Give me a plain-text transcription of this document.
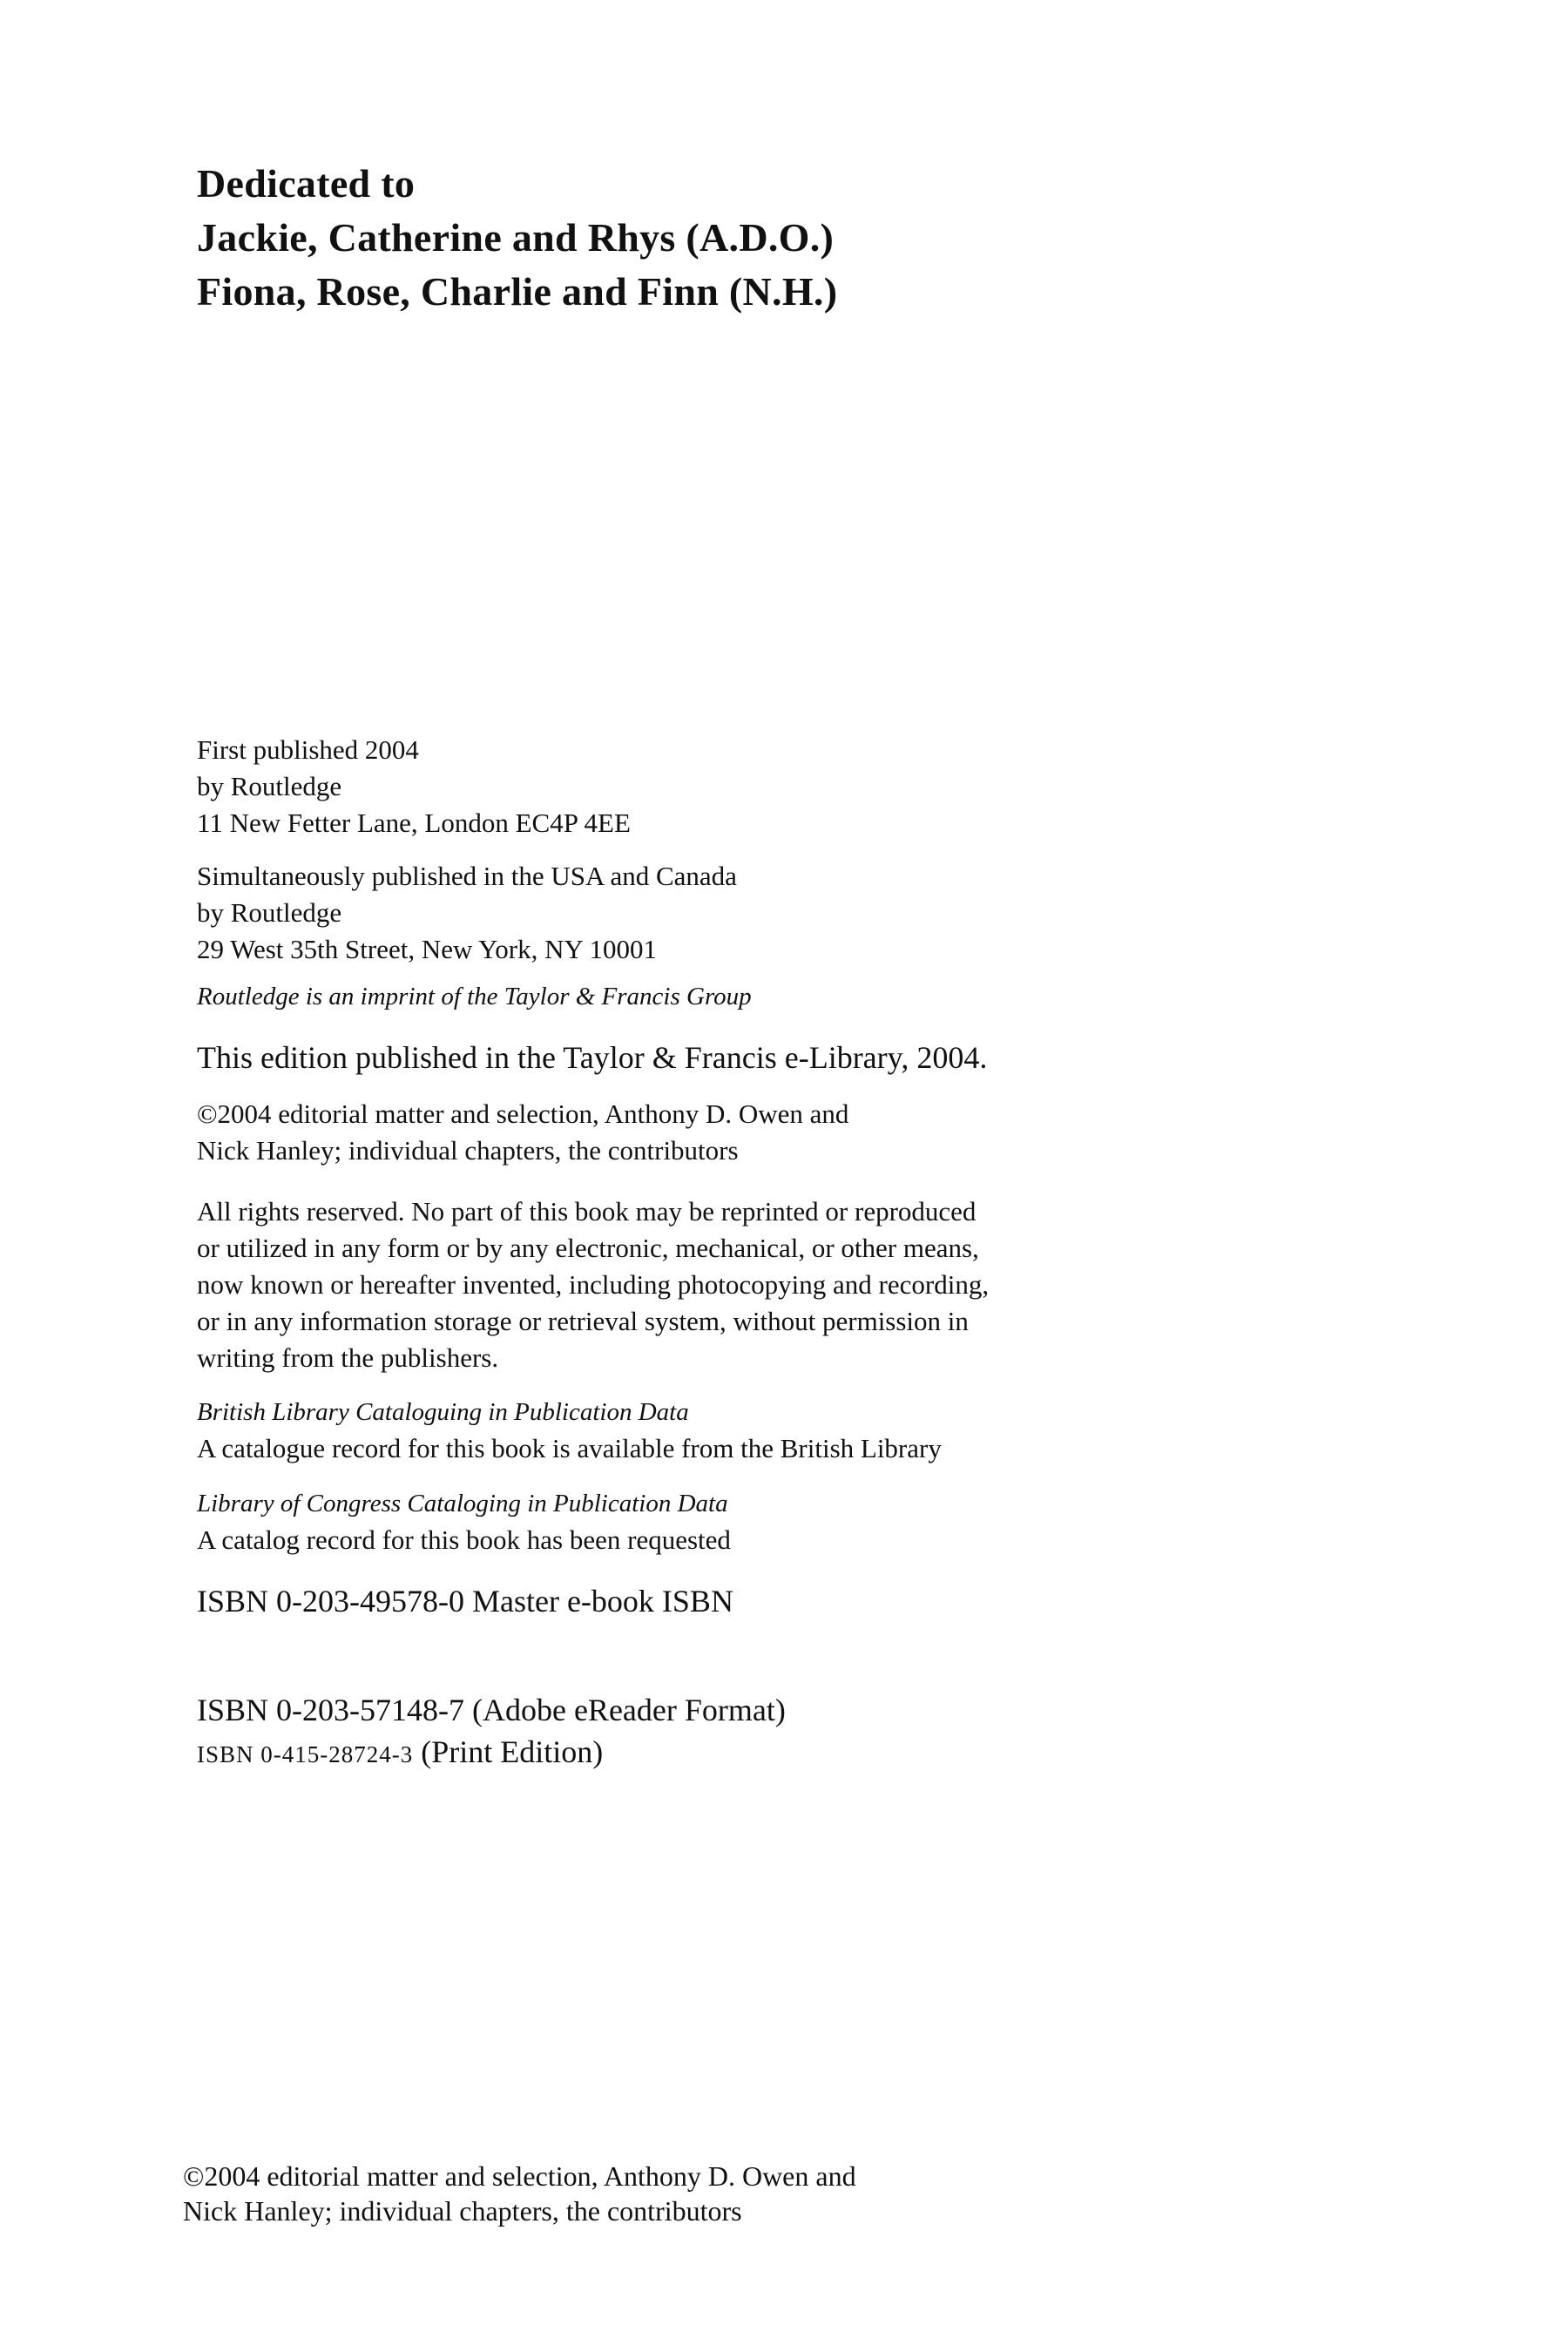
Dedicated to
Jackie, Catherine and Rhys (A.D.O.)
Fiona, Rose, Charlie and Finn (N.H.)
First published 2004
by Routledge
11 New Fetter Lane, London EC4P 4EE
Simultaneously published in the USA and Canada
by Routledge
29 West 35th Street, New York, NY 10001
Routledge is an imprint of the Taylor & Francis Group
This edition published in the Taylor & Francis e-Library, 2004.
©2004 editorial matter and selection, Anthony D. Owen and
Nick Hanley; individual chapters, the contributors
All rights reserved. No part of this book may be reprinted or reproduced
or utilized in any form or by any electronic, mechanical, or other means,
now known or hereafter invented, including photocopying and recording,
or in any information storage or retrieval system, without permission in
writing from the publishers.
British Library Cataloguing in Publication Data
A catalogue record for this book is available from the British Library
Library of Congress Cataloging in Publication Data
A catalog record for this book has been requested
ISBN 0-203-49578-0 Master e-book ISBN
ISBN 0-203-57148-7 (Adobe eReader Format)
ISBN 0-415-28724-3 (Print Edition)
©2004 editorial matter and selection, Anthony D. Owen and
Nick Hanley; individual chapters, the contributors
